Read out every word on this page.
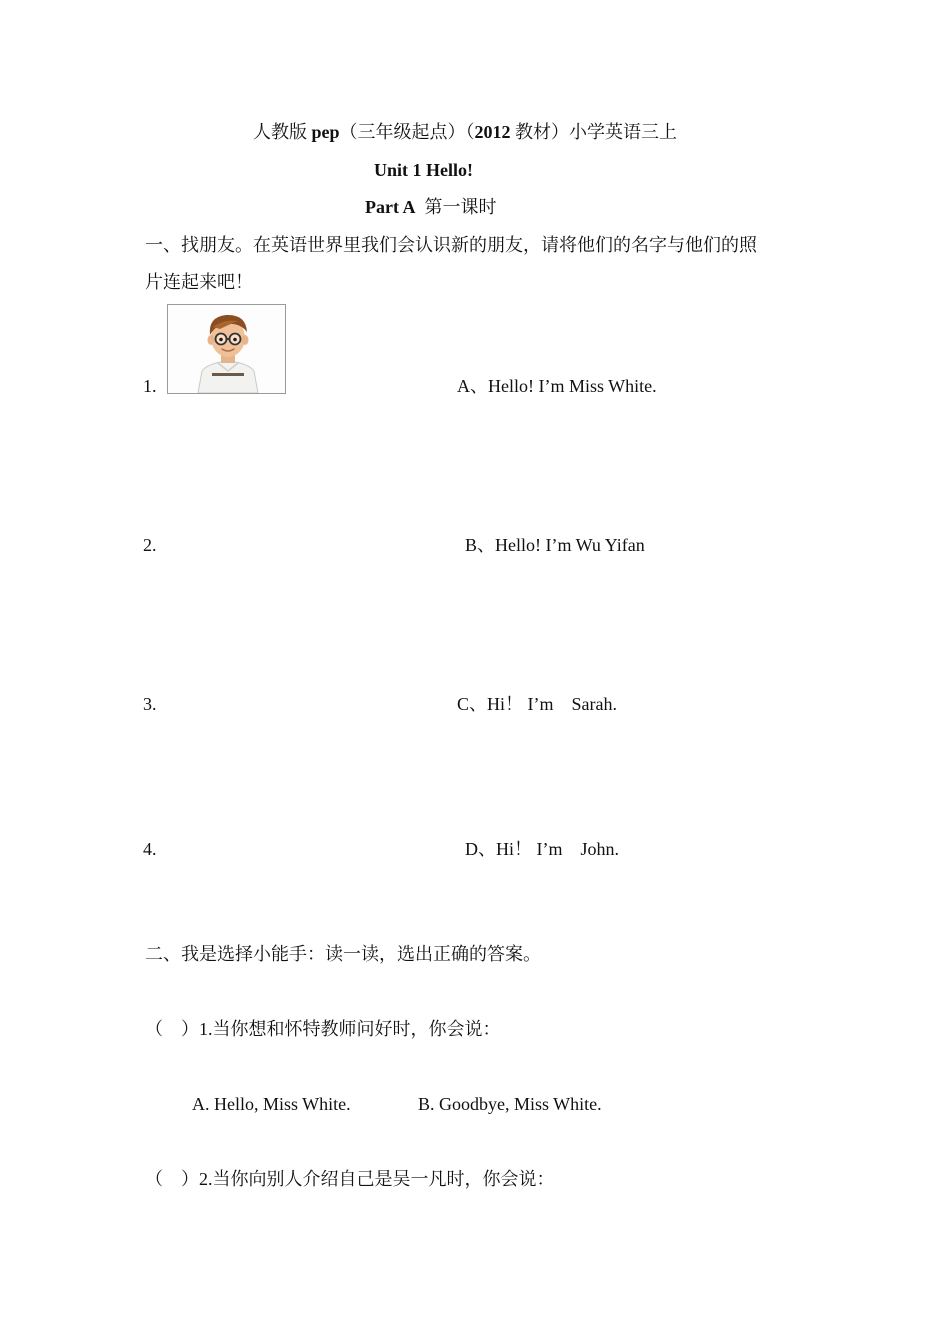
人教版 pep（三年级起点）（2012 教材）小学英语三上
Unit 1 Hello!
Part A 第一课时
一、找朋友。在英语世界里我们会认识新的朋友，请将他们的名字与他们的照
片连起来吧！
1.	A、Hello! I’m Miss White.
2.	B、Hello! I’m Wu Yifan
3.	C、Hi！ I’m    Sarah.
4.	D、Hi！ I’m    John.
二、我是选择小能手：读一读，选出正确的答案。
（    ）1.当你想和怀特教师问好时，你会说：
A. Hello, Miss White.	B. Goodbye, Miss White.
（    ）2.当你向别人介绍自己是吴一凡时，你会说：
